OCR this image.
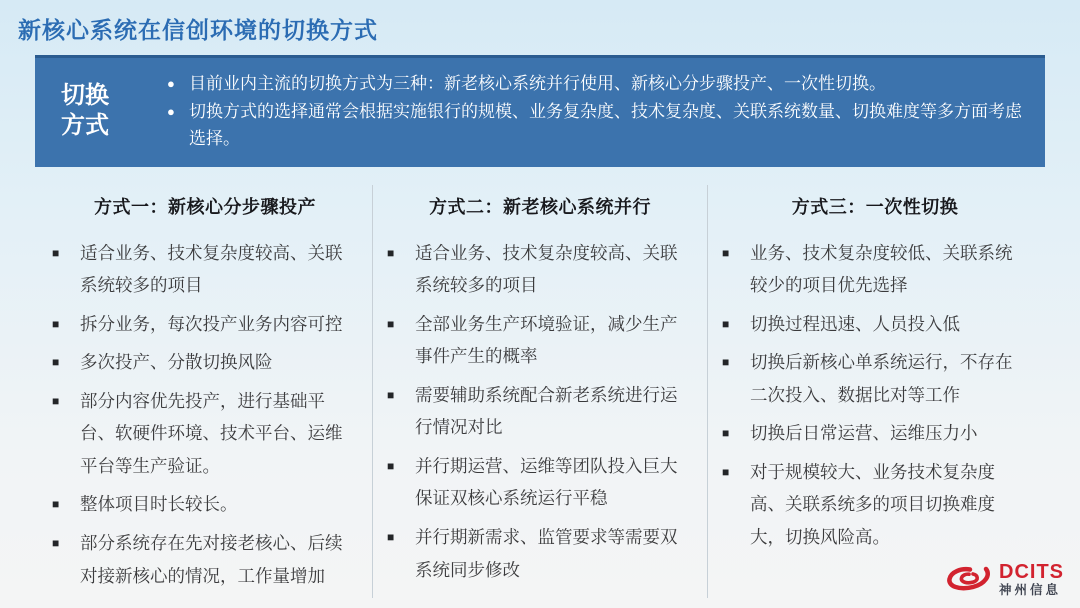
新核心系统在信创环境的切换方式
切换
方式
● 目前业内主流的切换方式为三种：新老核心系统并行使用、新核心分步骤投产、一次性切换。
● 切换方式的选择通常会根据实施银行的规模、业务复杂度、技术复杂度、关联系统数量、切换难度等多方面考虑选择。
方式一：新核心分步骤投产
■ 适合业务、技术复杂度较高、关联系统较多的项目
■ 拆分业务，每次投产业务内容可控
■ 多次投产、分散切换风险
■ 部分内容优先投产，进行基础平台、软硬件环境、技术平台、运维平台等生产验证。
■ 整体项目时长较长。
■ 部分系统存在先对接老核心、后续对接新核心的情况，工作量增加
方式二：新老核心系统并行
■ 适合业务、技术复杂度较高、关联系统较多的项目
■ 全部业务生产环境验证，减少生产事件产生的概率
■ 需要辅助系统配合新老系统进行运行情况对比
■ 并行期运营、运维等团队投入巨大保证双核心系统运行平稳
■ 并行期新需求、监管要求等需要双系统同步修改
方式三：一次性切换
■ 业务、技术复杂度较低、关联系统较少的项目优先选择
■ 切换过程迅速、人员投入低
■ 切换后新核心单系统运行，不存在二次投入、数据比对等工作
■ 切换后日常运营、运维压力小
■ 对于规模较大、业务技术复杂度高、关联系统多的项目切换难度大，切换风险高。
DCITS
神州信息
